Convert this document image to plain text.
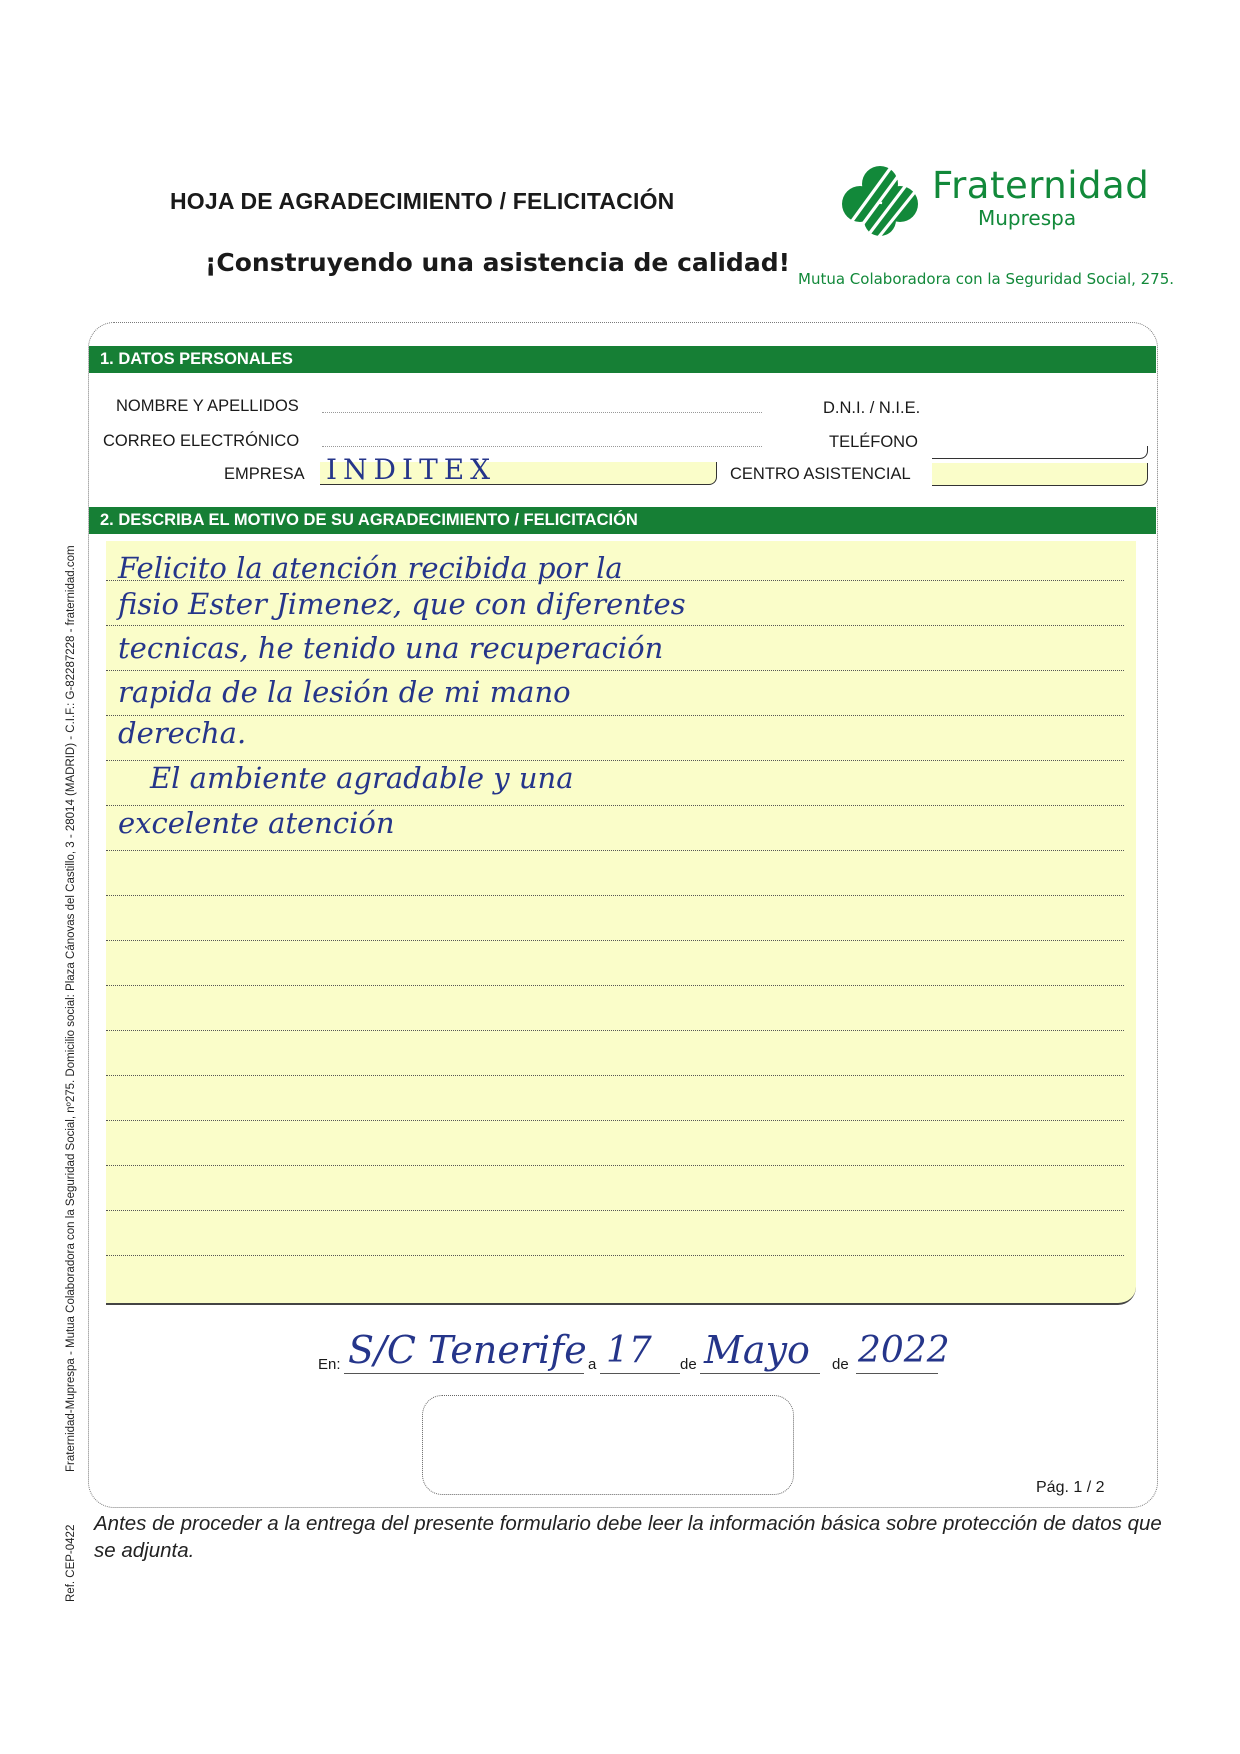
HOJA DE AGRADECIMIENTO / FELICITACIÓN
¡Construyendo una asistencia de calidad!
Fraternidad
Muprespa
Mutua Colaboradora con la Seguridad Social, 275.
1. DATOS PERSONALES
NOMBRE Y APELLIDOS	D.N.I. / N.I.E.
CORREO ELECTRÓNICO	TELÉFONO
EMPRESA INDITEX	CENTRO ASISTENCIAL
2. DESCRIBA EL MOTIVO DE SU AGRADECIMIENTO / FELICITACIÓN
Felicito la atención recibida por la
fisio Ester Jimenez, que con diferentes
tecnicas, he tenido una recuperación
rapida de la lesión de mi mano
derecha.
El ambiente agradable y una
excelente atención
En: S/C Tenerife a 17 de Mayo de 2022
Pág. 1 / 2
Antes de proceder a la entrega del presente formulario debe leer la información básica sobre protección de datos que se adjunta.
Fraternidad-Muprespa - Mutua Colaboradora con la Seguridad Social, nº275. Domicilio social: Plaza Cánovas del Castillo, 3 - 28014 (MADRID) - C.I.F.: G-82287228 - fraternidad.com
Ref. CEP-0422
